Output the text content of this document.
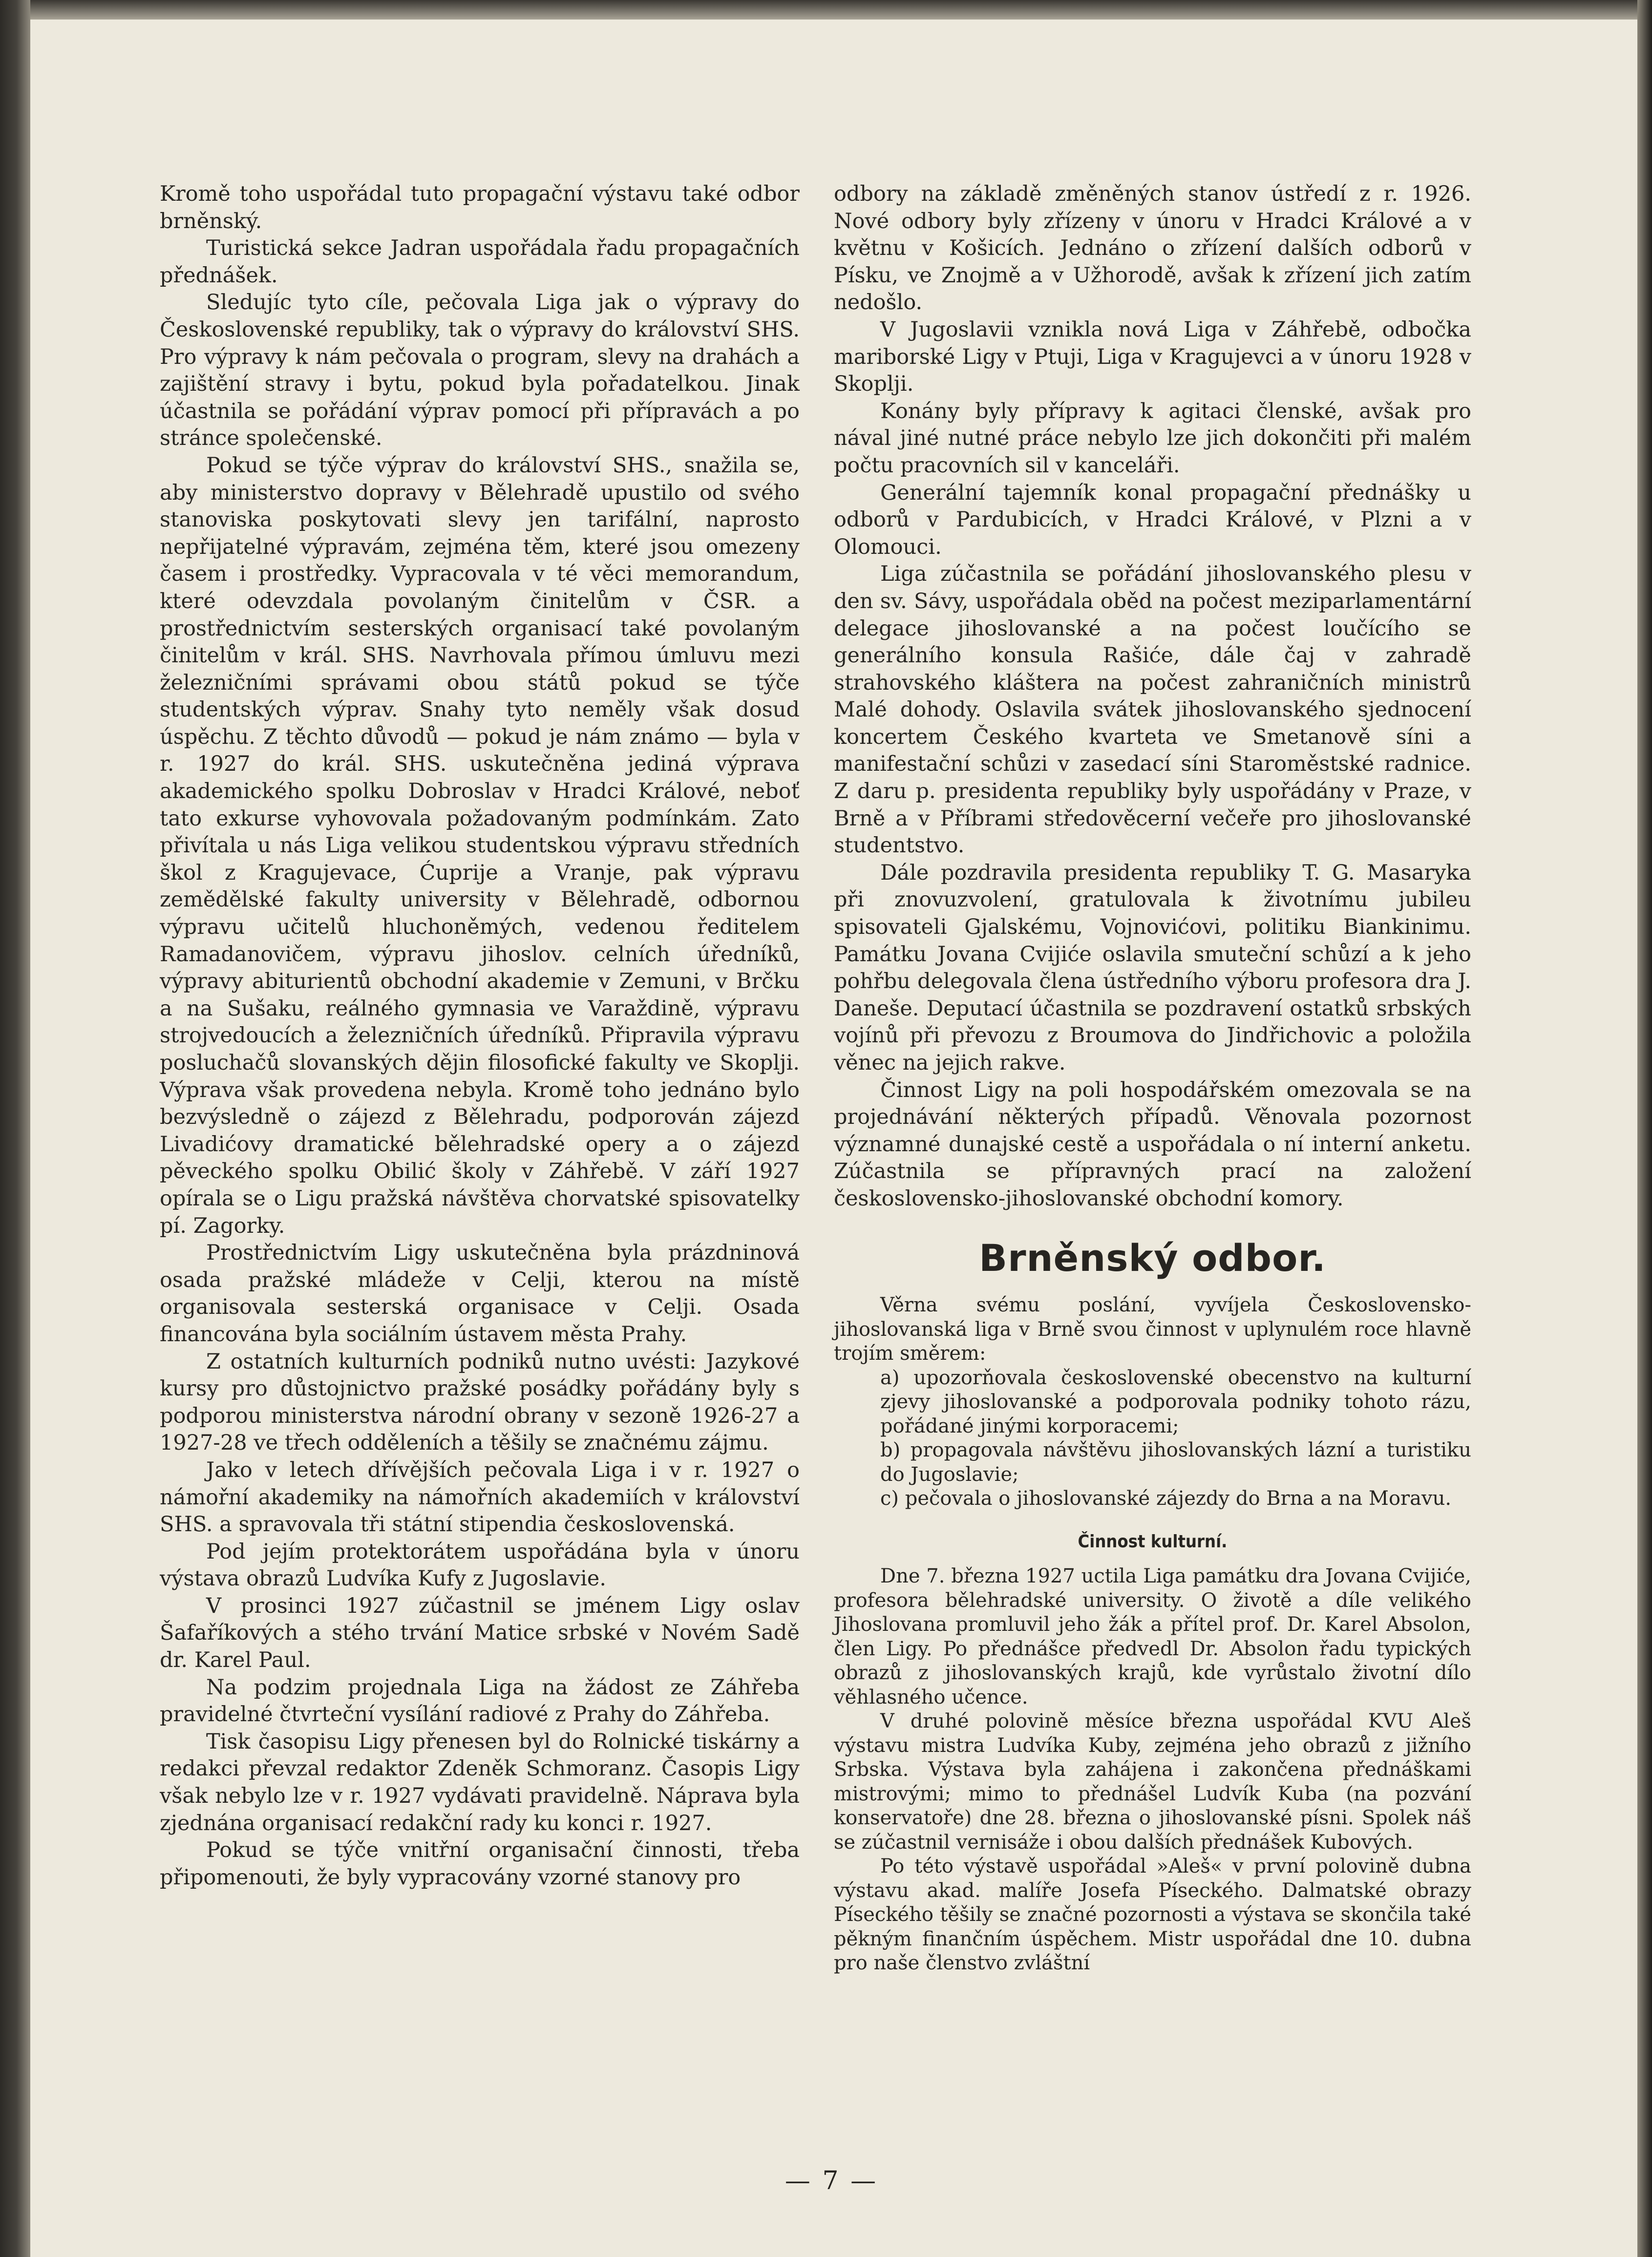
Kromě toho uspořádal tuto propagační výstavu také odbor brněnský.

Turistická sekce Jadran uspořádala řadu propagačních přednášek.

Sledujíc tyto cíle, pečovala Liga jak o výpravy do Československé republiky, tak o výpravy do království SHS. Pro výpravy k nám pečovala o program, slevy na drahách a zajištění stravy i bytu, pokud byla pořadatelkou. Jinak účastnila se pořádání výprav pomocí při přípravách a po stránce společenské.

Pokud se týče výprav do království SHS., snažila se, aby ministerstvo dopravy v Bělehradě upustilo od svého stanoviska poskytovati slevy jen tarifální, naprosto nepřijatelné výpravám, zejména těm, které jsou omezeny časem i prostředky. Vypracovala v té věci memorandum, které odevzdala povolaným činitelům v ČSR. a prostřednictvím sesterských organisací také povolaným činitelům v král. SHS. Navrhovala přímou úmluvu mezi železničními správami obou států pokud se týče studentských výprav. Snahy tyto neměly však dosud úspěchu. Z těchto důvodů — pokud je nám známo — byla v r. 1927 do král. SHS. uskutečněna jediná výprava akademického spolku Dobroslav v Hradci Králové, neboť tato exkurse vyhovovala požadovaným podmínkám. Zato přivítala u nás Liga velikou studentskou výpravu středních škol z Kragujevace, Ćuprije a Vranje, pak výpravu zemědělské fakulty university v Bělehradě, odbornou výpravu učitelů hluchoněmých, vedenou ředitelem Ramadanovičem, výpravu jihoslov. celních úředníků, výpravy abiturientů obchodní akademie v Zemuni, v Brčku a na Sušaku, reálného gymnasia ve Varaždině, výpravu strojvedoucích a železničních úředníků. Připravila výpravu posluchačů slovanských dějin filosofické fakulty ve Skoplji. Výprava však provedena nebyla. Kromě toho jednáno bylo bezvýsledně o zájezd z Bělehradu, podporován zájezd Livadićovy dramatické bělehradské opery a o zájezd pěveckého spolku Obilić školy v Záhřebě. V září 1927 opírala se o Ligu pražská návštěva chorvatské spisovatelky pí. Zagorky.

Prostřednictvím Ligy uskutečněna byla prázdninová osada pražské mládeže v Celji, kterou na místě organisovala sesterská organisace v Celji. Osada financována byla sociálním ústavem města Prahy.

Z ostatních kulturních podniků nutno uvésti: Jazykové kursy pro důstojnictvo pražské posádky pořádány byly s podporou ministerstva národní obrany v sezoně 1926-27 a 1927-28 ve třech odděleních a těšily se značnému zájmu.

Jako v letech dřívějších pečovala Liga i v r. 1927 o námořní akademiky na námořních akademiích v království SHS. a spravovala tři státní stipendia československá.

Pod jejím protektorátem uspořádána byla v únoru výstava obrazů Ludvíka Kufy z Jugoslavie.

V prosinci 1927 zúčastnil se jménem Ligy oslav Šafaříkových a stého trvání Matice srbské v Novém Sadě dr. Karel Paul.

Na podzim projednala Liga na žádost ze Záhřeba pravidelné čtvrteční vysílání radiové z Prahy do Záhřeba.

Tisk časopisu Ligy přenesen byl do Rolnické tiskárny a redakci převzal redaktor Zdeněk Schmoranz. Časopis Ligy však nebylo lze v r. 1927 vydávati pravidelně. Náprava byla zjednána organisací redakční rady ku konci r. 1927.

Pokud se týče vnitřní organisační činnosti, třeba připomenouti, že byly vypracovány vzorné stanovy pro

odbory na základě změněných stanov ústředí z r. 1926. Nové odbory byly zřízeny v únoru v Hradci Králové a v květnu v Košicích. Jednáno o zřízení dalších odborů v Písku, ve Znojmě a v Užhorodě, avšak k zřízení jich zatím nedošlo.

V Jugoslavii vznikla nová Liga v Záhřebě, odbočka mariborské Ligy v Ptuji, Liga v Kragujevci a v únoru 1928 v Skoplji.

Konány byly přípravy k agitaci členské, avšak pro nával jiné nutné práce nebylo lze jich dokončiti při malém počtu pracovních sil v kanceláři.

Generální tajemník konal propagační přednášky u odborů v Pardubicích, v Hradci Králové, v Plzni a v Olomouci.

Liga zúčastnila se pořádání jihoslovanského plesu v den sv. Sávy, uspořádala oběd na počest meziparlamentární delegace jihoslovanské a na počest loučícího se generálního konsula Rašiće, dále čaj v zahradě strahovského kláštera na počest zahraničních ministrů Malé dohody. Oslavila svátek jihoslovanského sjednocení koncertem Českého kvarteta ve Smetanově síni a manifestační schůzi v zasedací síni Staroměstské radnice. Z daru p. presidenta republiky byly uspořádány v Praze, v Brně a v Příbrami středověcerní večeře pro jihoslovanské studentstvo.

Dále pozdravila presidenta republiky T. G. Masaryka při znovuzvolení, gratulovala k životnímu jubileu spisovateli Gjalskému, Vojnovićovi, politiku Biankinimu. Památku Jovana Cvijiće oslavila smuteční schůzí a k jeho pohřbu delegovala člena ústředního výboru profesora dra J. Daneše. Deputací účastnila se pozdravení ostatků srbských vojínů při převozu z Broumova do Jindřichovic a položila věnec na jejich rakve.

Činnost Ligy na poli hospodářském omezovala se na projednávání některých případů. Věnovala pozornost významné dunajské cestě a uspořádala o ní interní anketu. Zúčastnila se přípravných prací na založení československo-jihoslovanské obchodní komory.

Brněnský odbor.

Věrna svému poslání, vyvíjela Československo-jihoslovanská liga v Brně svou činnost v uplynulém roce hlavně trojím směrem:

a) upozorňovala československé obecenstvo na kulturní zjevy jihoslovanské a podporovala podniky tohoto rázu, pořádané jinými korporacemi;

b) propagovala návštěvu jihoslovanských lázní a turistiku do Jugoslavie;

c) pečovala o jihoslovanské zájezdy do Brna a na Moravu.

Činnost kulturní.

Dne 7. března 1927 uctila Liga památku dra Jovana Cvijiće, profesora bělehradské university. O životě a díle velikého Jihoslovana promluvil jeho žák a přítel prof. Dr. Karel Absolon, člen Ligy. Po přednášce předvedl Dr. Absolon řadu typických obrazů z jihoslovanských krajů, kde vyrůstalo životní dílo věhlasného učence.

V druhé polovině měsíce března uspořádal KVU Aleš výstavu mistra Ludvíka Kuby, zejména jeho obrazů z jižního Srbska. Výstava byla zahájena i zakončena přednáškami mistrovými; mimo to přednášel Ludvík Kuba (na pozvání konservatoře) dne 28. března o jihoslovanské písni. Spolek náš se zúčastnil vernisáže i obou dalších přednášek Kubových.

Po této výstavě uspořádal »Aleš« v první polovině dubna výstavu akad. malíře Josefa Píseckého. Dalmatské obrazy Píseckého těšily se značné pozornosti a výstava se skončila také pěkným finančním úspěchem. Mistr uspořádal dne 10. dubna pro naše členstvo zvláštní

— 7 —
